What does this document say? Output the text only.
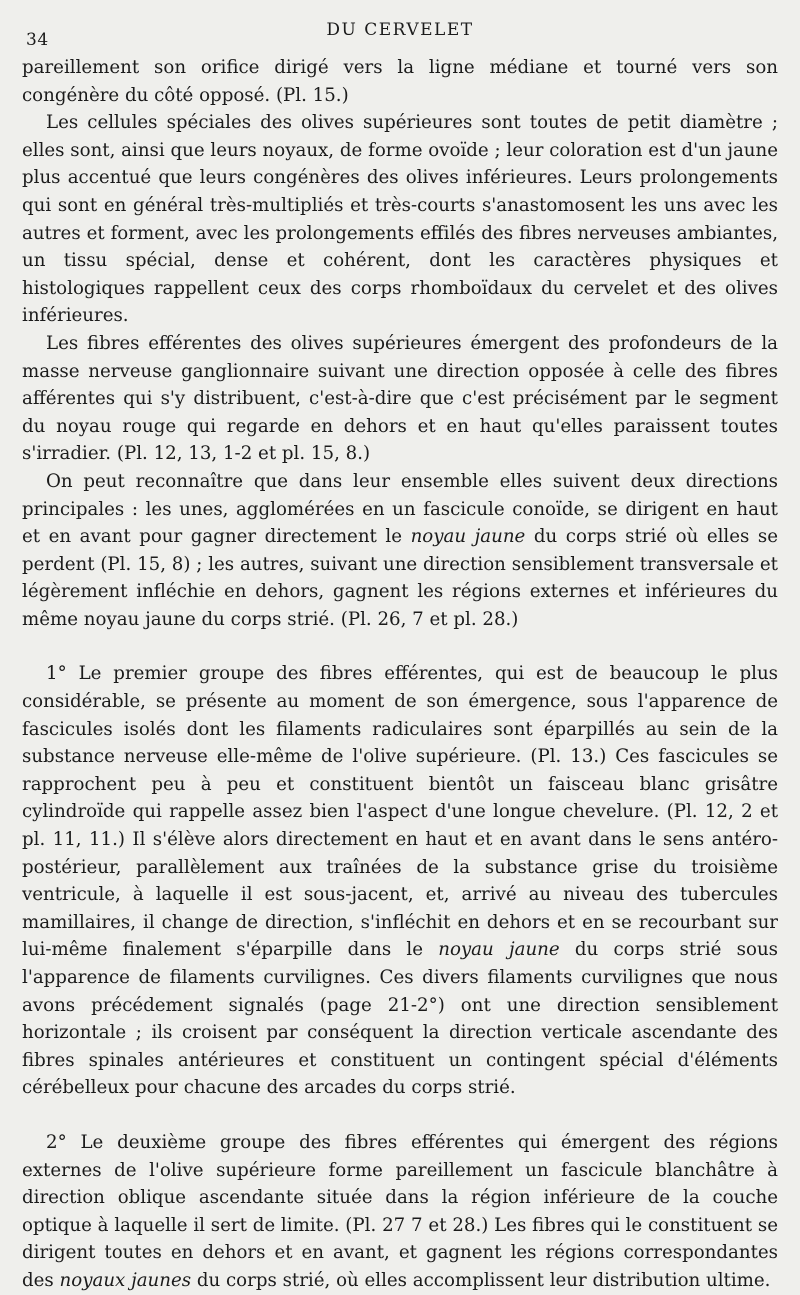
34	DU CERVELET

pareillement son orifice dirigé vers la ligne médiane et tourné vers son congénère du côté opposé. (Pl. 15.)

Les cellules spéciales des olives supérieures sont toutes de petit diamètre ; elles sont, ainsi que leurs noyaux, de forme ovoïde ; leur coloration est d'un jaune plus accentué que leurs congénères des olives inférieures. Leurs prolongements qui sont en général très-multipliés et très-courts s'anastomosent les uns avec les autres et forment, avec les prolongements effilés des fibres nerveuses ambiantes, un tissu spécial, dense et cohérent, dont les caractères physiques et histologiques rappellent ceux des corps rhomboïdaux du cervelet et des olives inférieures.

Les fibres efférentes des olives supérieures émergent des profondeurs de la masse nerveuse ganglionnaire suivant une direction opposée à celle des fibres afférentes qui s'y distribuent, c'est-à-dire que c'est précisément par le segment du noyau rouge qui regarde en dehors et en haut qu'elles paraissent toutes s'irradier. (Pl. 12, 13, 1-2 et pl. 15, 8.)

On peut reconnaître que dans leur ensemble elles suivent deux directions principales : les unes, agglomérées en un fascicule conoïde, se dirigent en haut et en avant pour gagner directement le noyau jaune du corps strié où elles se perdent (Pl. 15, 8) ; les autres, suivant une direction sensiblement transversale et légèrement infléchie en dehors, gagnent les régions externes et inférieures du même noyau jaune du corps strié. (Pl. 26, 7 et pl. 28.)

1° Le premier groupe des fibres efférentes, qui est de beaucoup le plus considérable, se présente au moment de son émergence, sous l'apparence de fascicules isolés dont les filaments radiculaires sont éparpillés au sein de la substance nerveuse elle-même de l'olive supérieure. (Pl. 13.) Ces fascicules se rapprochent peu à peu et constituent bientôt un faisceau blanc grisâtre cylindroïde qui rappelle assez bien l'aspect d'une longue chevelure. (Pl. 12, 2 et pl. 11, 11.) Il s'élève alors directement en haut et en avant dans le sens antéro-postérieur, parallèlement aux traînées de la substance grise du troisième ventricule, à laquelle il est sous-jacent, et, arrivé au niveau des tubercules mamillaires, il change de direction, s'infléchit en dehors et en se recourbant sur lui-même finalement s'éparpille dans le noyau jaune du corps strié sous l'apparence de filaments curvilignes. Ces divers filaments curvilignes que nous avons précédement signalés (page 21-2°) ont une direction sensiblement horizontale ; ils croisent par conséquent la direction verticale ascendante des fibres spinales antérieures et constituent un contingent spécial d'éléments cérébelleux pour chacune des arcades du corps strié.

2° Le deuxième groupe des fibres efférentes qui émergent des régions externes de l'olive supérieure forme pareillement un fascicule blanchâtre à direction oblique ascendante située dans la région inférieure de la couche optique à laquelle il sert de limite. (Pl. 27 7 et 28.) Les fibres qui le constituent se dirigent toutes en dehors et en avant, et gagnent les régions correspondantes des noyaux jaunes du corps strié, où elles accomplissent leur distribution ultime.
